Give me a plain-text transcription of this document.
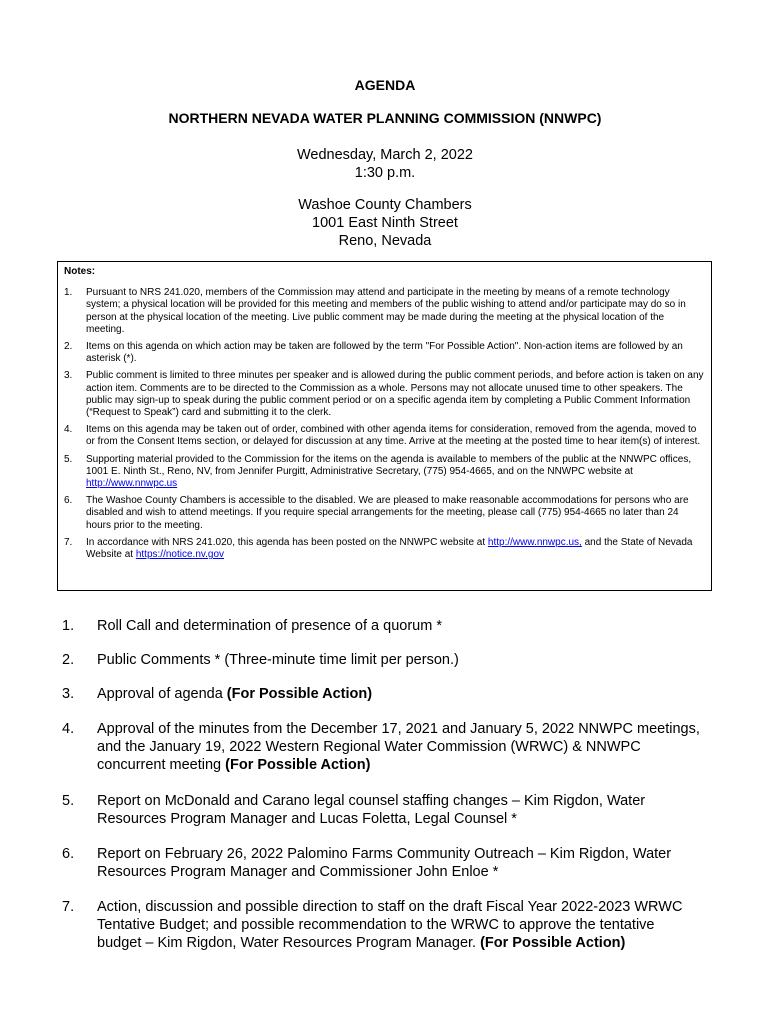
AGENDA
NORTHERN NEVADA WATER PLANNING COMMISSION (NNWPC)
Wednesday, March 2, 2022
1:30 p.m.
Washoe County Chambers
1001 East Ninth Street
Reno, Nevada
Notes:
1.	Pursuant to NRS 241.020, members of the Commission may attend and participate in the meeting by means of a remote technology system; a physical location will be provided for this meeting and members of the public wishing to attend and/or participate may do so in person at the physical location of the meeting. Live public comment may be made during the meeting at the physical location of the meeting.
2.	Items on this agenda on which action may be taken are followed by the term "For Possible Action". Non-action items are followed by an asterisk (*).
3.	Public comment is limited to three minutes per speaker and is allowed during the public comment periods, and before action is taken on any action item. Comments are to be directed to the Commission as a whole. Persons may not allocate unused time to other speakers. The public may sign-up to speak during the public comment period or on a specific agenda item by completing a Public Comment Information (“Request to Speak”) card and submitting it to the clerk.
4.	Items on this agenda may be taken out of order, combined with other agenda items for consideration, removed from the agenda, moved to or from the Consent Items section, or delayed for discussion at any time. Arrive at the meeting at the posted time to hear item(s) of interest.
5.	Supporting material provided to the Commission for the items on the agenda is available to members of the public at the NNWPC offices, 1001 E. Ninth St., Reno, NV, from Jennifer Purgitt, Administrative Secretary, (775) 954-4665, and on the NNWPC website at http://www.nnwpc.us
6.	The Washoe County Chambers is accessible to the disabled. We are pleased to make reasonable accommodations for persons who are disabled and wish to attend meetings. If you require special arrangements for the meeting, please call (775) 954-4665 no later than 24 hours prior to the meeting.
7.	In accordance with NRS 241.020, this agenda has been posted on the NNWPC website at http://www.nnwpc.us, and the State of Nevada Website at https://notice.nv.gov
1.	Roll Call and determination of presence of a quorum *
2.	Public Comments * (Three-minute time limit per person.)
3.	Approval of agenda (For Possible Action)
4.	Approval of the minutes from the December 17, 2021 and January 5, 2022 NNWPC meetings, and the January 19, 2022 Western Regional Water Commission (WRWC) & NNWPC concurrent meeting (For Possible Action)
5.	Report on McDonald and Carano legal counsel staffing changes – Kim Rigdon, Water Resources Program Manager and Lucas Foletta, Legal Counsel *
6.	Report on February 26, 2022 Palomino Farms Community Outreach – Kim Rigdon, Water Resources Program Manager and Commissioner John Enloe *
7.	Action, discussion and possible direction to staff on the draft Fiscal Year 2022-2023 WRWC Tentative Budget; and possible recommendation to the WRWC to approve the tentative budget – Kim Rigdon, Water Resources Program Manager. (For Possible Action)
